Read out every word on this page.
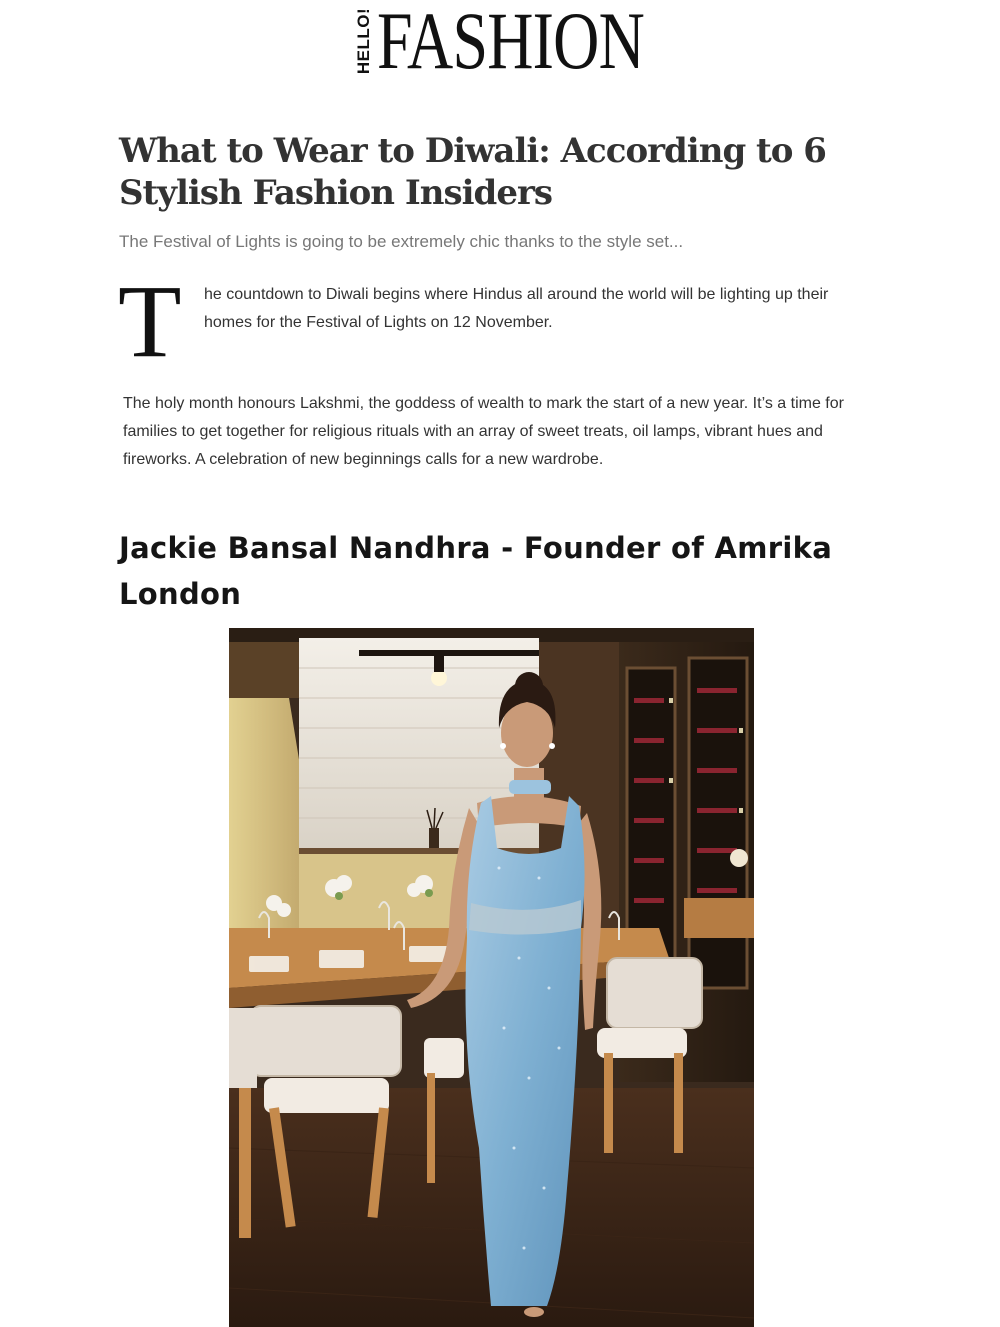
HELLO! FASHION
What to Wear to Diwali: According to 6 Stylish Fashion Insiders

The Festival of Lights is going to be extremely chic thanks to the style set...

T he countdown to Diwali begins where Hindus all around the world will be lighting up their homes for the Festival of Lights on 12 November.

The holy month honours Lakshmi, the goddess of wealth to mark the start of a new year. It’s a time for families to get together for religious rituals with an array of sweet treats, oil lamps, vibrant hues and fireworks. A celebration of new beginnings calls for a new wardrobe.

Jackie Bansal Nandhra - Founder of Amrika London
